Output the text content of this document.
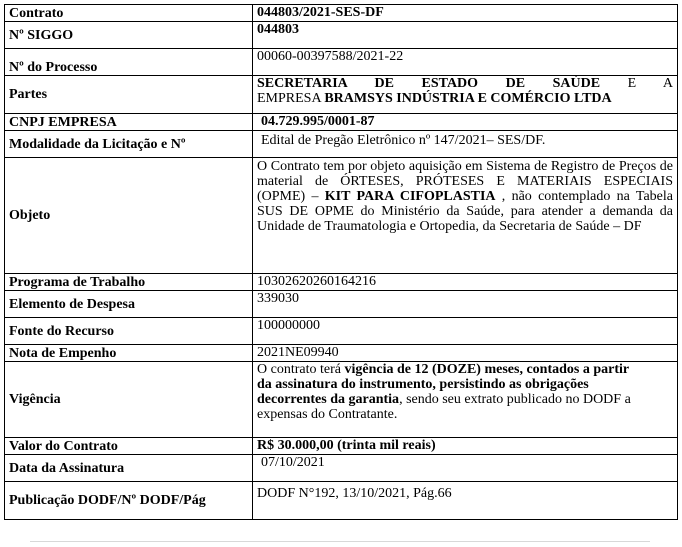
Contrato	044803/2021-SES-DF
Nº SIGGO	044803
Nº do Processo	00060-00397588/2021-22
Partes	SECRETARIA DE ESTADO DE SAÚDE E A
EMPRESA BRAMSYS INDÚSTRIA E COMÉRCIO LTDA

CNPJ EMPRESA	04.729.995/0001-87
Modalidade da Licitação e Nº	Edital de Pregão Eletrônico nº 147/2021– SES/DF.
Objeto	O Contrato tem por objeto aquisição em Sistema de Registro de Preços de material de ÓRTESES, PRÓTESES E MATERIAIS ESPECIAIS (OPME) – KIT PARA CIFOPLASTIA , não contemplado na Tabela SUS DE OPME do Ministério da Saúde, para atender a demanda da Unidade de Traumatologia e Ortopedia, da Secretaria de Saúde – DF
Programa de Trabalho	10302620260164216
Elemento de Despesa	339030
Fonte do Recurso	100000000
Nota de Empenho	2021NE09940
Vigência	O contrato terá vigência de 12 (DOZE) meses, contados a partir da assinatura do instrumento, persistindo as obrigações decorrentes da garantia, sendo seu extrato publicado no DODF a expensas do Contratante.
Valor do Contrato	R$ 30.000,00 (trinta mil reais)
Data da Assinatura	07/10/2021
Publicação DODF/Nº DODF/Pág	DODF N°192, 13/10/2021, Pág.66
